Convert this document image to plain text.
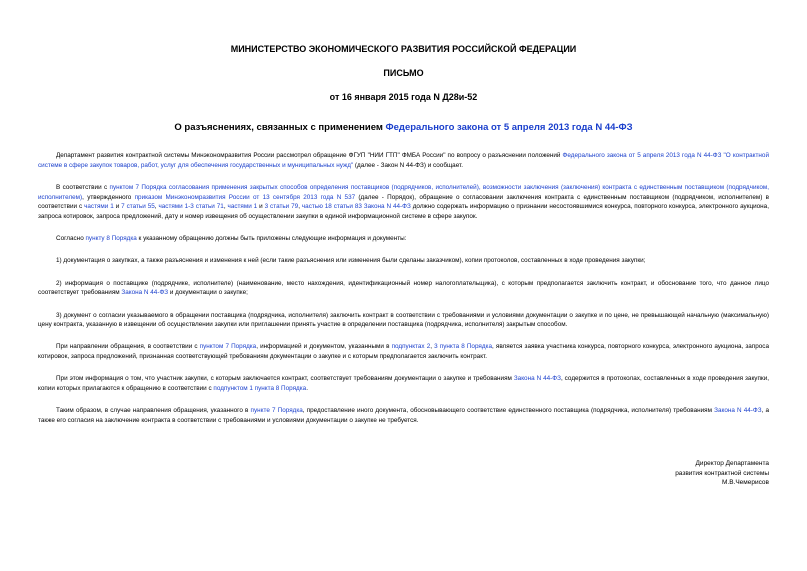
МИНИСТЕРСТВО ЭКОНОМИЧЕСКОГО РАЗВИТИЯ РОССИЙСКОЙ ФЕДЕРАЦИИ
ПИСЬМО
от 16 января 2015 года N Д28и-52
О разъяснениях, связанных с применением Федерального закона от 5 апреля 2013 года N 44-ФЗ

Департамент развития контрактной системы Минэкономразвития России рассмотрел обращение ФГУП "НИИ ГТП" ФМБА России" по вопросу о разъяснении положений Федерального закона от 5 апреля 2013 года N 44-ФЗ "О контрактной системе в сфере закупок товаров, работ, услуг для обеспечения государственных и муниципальных нужд" (далее - Закон N 44-ФЗ) и сообщает.

В соответствии с пунктом 7 Порядка согласования применения закрытых способов определения поставщиков (подрядчиков, исполнителей), возможности заключения (заключения) контракта с единственным поставщиком (подрядчиком, исполнителем), утвержденного приказом Минэкономразвития России от 13 сентября 2013 года N 537 (далее - Порядок), обращение о согласовании заключения контракта с единственным поставщиком (подрядчиком, исполнителем) в соответствии с частями 1 и 7 статьи 55, частями 1-3 статьи 71, частями 1 и 3 статьи 79, частью 18 статьи 83 Закона N 44-ФЗ должно содержать информацию о признании несостоявшимися конкурса, повторного конкурса, электронного аукциона, запроса котировок, запроса предложений, дату и номер извещения об осуществлении закупки в единой информационной системе в сфере закупок.

Согласно пункту 8 Порядка к указанному обращению должны быть приложены следующие информация и документы:

1) документация о закупках, а также разъяснения и изменения к ней (если такие разъяснения или изменения были сделаны заказчиком), копии протоколов, составленных в ходе проведения закупки;

2) информация о поставщике (подрядчике, исполнителе) (наименование, место нахождения, идентификационный номер налогоплательщика), с которым предполагается заключить контракт, и обоснование того, что данное лицо соответствует требованиям Закона N 44-ФЗ и документации о закупке;

3) документ о согласии указываемого в обращении поставщика (подрядчика, исполнителя) заключить контракт в соответствии с требованиями и условиями документации о закупке и по цене, не превышающей начальную (максимальную) цену контракта, указанную в извещении об осуществлении закупки или приглашении принять участие в определении поставщика (подрядчика, исполнителя) закрытым способом.

При направлении обращения, в соответствии с пунктом 7 Порядка, информацией и документом, указанными в подпунктах 2, 3 пункта 8 Порядка, является заявка участника конкурса, повторного конкурса, электронного аукциона, запроса котировок, запроса предложений, признанная соответствующей требованиям документации о закупке и с которым предполагается заключить контракт.

При этом информация о том, что участник закупки, с которым заключается контракт, соответствует требованиям документации о закупке и требованиям Закона N 44-ФЗ, содержится в протоколах, составленных в ходе проведения закупки, копии которых прилагаются к обращению в соответствии с подпунктом 1 пункта 8 Порядка.

Таким образом, в случае направления обращения, указанного в пункте 7 Порядка, предоставление иного документа, обосновывающего соответствие единственного поставщика (подрядчика, исполнителя) требованиям Закона N 44-ФЗ, а также его согласия на заключение контракта в соответствии с требованиями и условиями документации о закупке не требуется.

Директор Департамента
развития контрактной системы
М.В.Чемерисов
